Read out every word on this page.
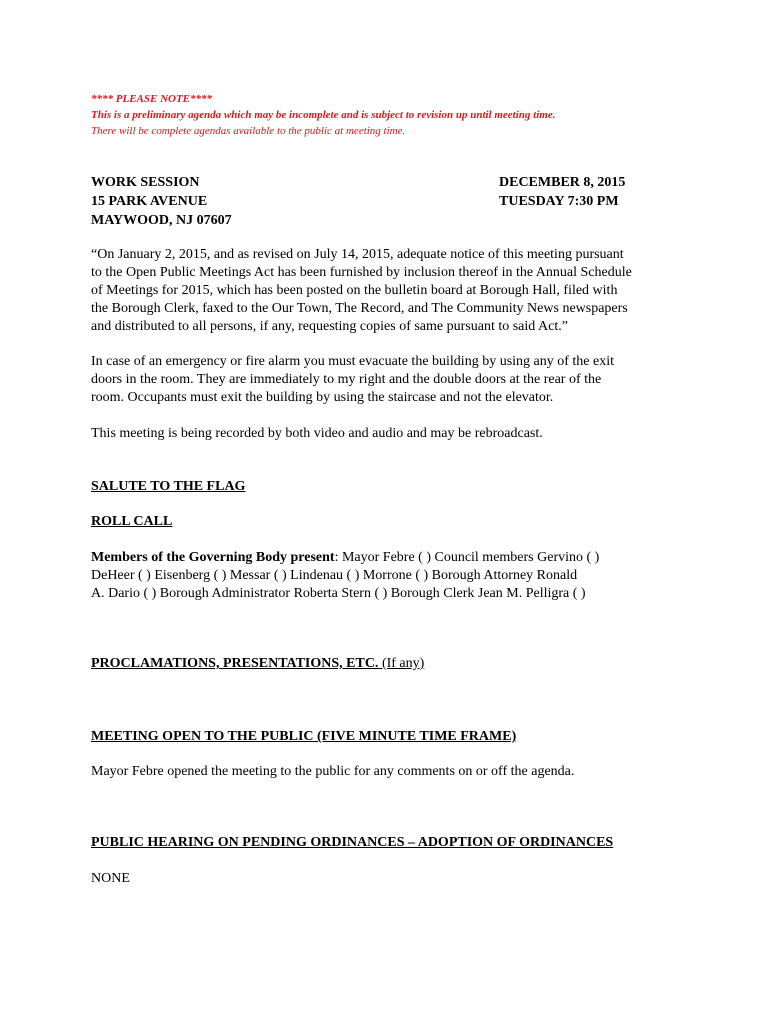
**** PLEASE NOTE****
This is a preliminary agenda which may be incomplete and is subject to revision up until meeting time.
There will be complete agendas available to the public at meeting time.
WORK SESSION
15 PARK AVENUE
MAYWOOD, NJ 07607
DECEMBER 8, 2015
TUESDAY 7:30 PM
“On January 2, 2015, and as revised on July 14, 2015, adequate notice of this meeting pursuant
to the Open Public Meetings Act has been furnished by inclusion thereof in the Annual Schedule
of Meetings for 2015, which has been posted on the bulletin board at Borough Hall, filed with
the Borough Clerk, faxed to the Our Town, The Record, and The Community News newspapers
and distributed to all persons, if any, requesting copies of same pursuant to said Act.”
In case of an emergency or fire alarm you must evacuate the building by using any of the exit
doors in the room. They are immediately to my right and the double doors at the rear of the
room. Occupants must exit the building by using the staircase and not the elevator.
This meeting is being recorded by both video and audio and may be rebroadcast.
SALUTE TO THE FLAG
ROLL CALL
Members of the Governing Body present: Mayor Febre ( ) Council members Gervino ( )
DeHeer ( ) Eisenberg ( ) Messar ( ) Lindenau ( ) Morrone ( ) Borough Attorney Ronald
A. Dario ( ) Borough Administrator Roberta Stern ( ) Borough Clerk Jean M. Pelligra ( )
PROCLAMATIONS, PRESENTATIONS, ETC. (If any)
MEETING OPEN TO THE PUBLIC (FIVE MINUTE TIME FRAME)
Mayor Febre opened the meeting to the public for any comments on or off the agenda.
PUBLIC HEARING ON PENDING ORDINANCES – ADOPTION OF ORDINANCES
NONE
